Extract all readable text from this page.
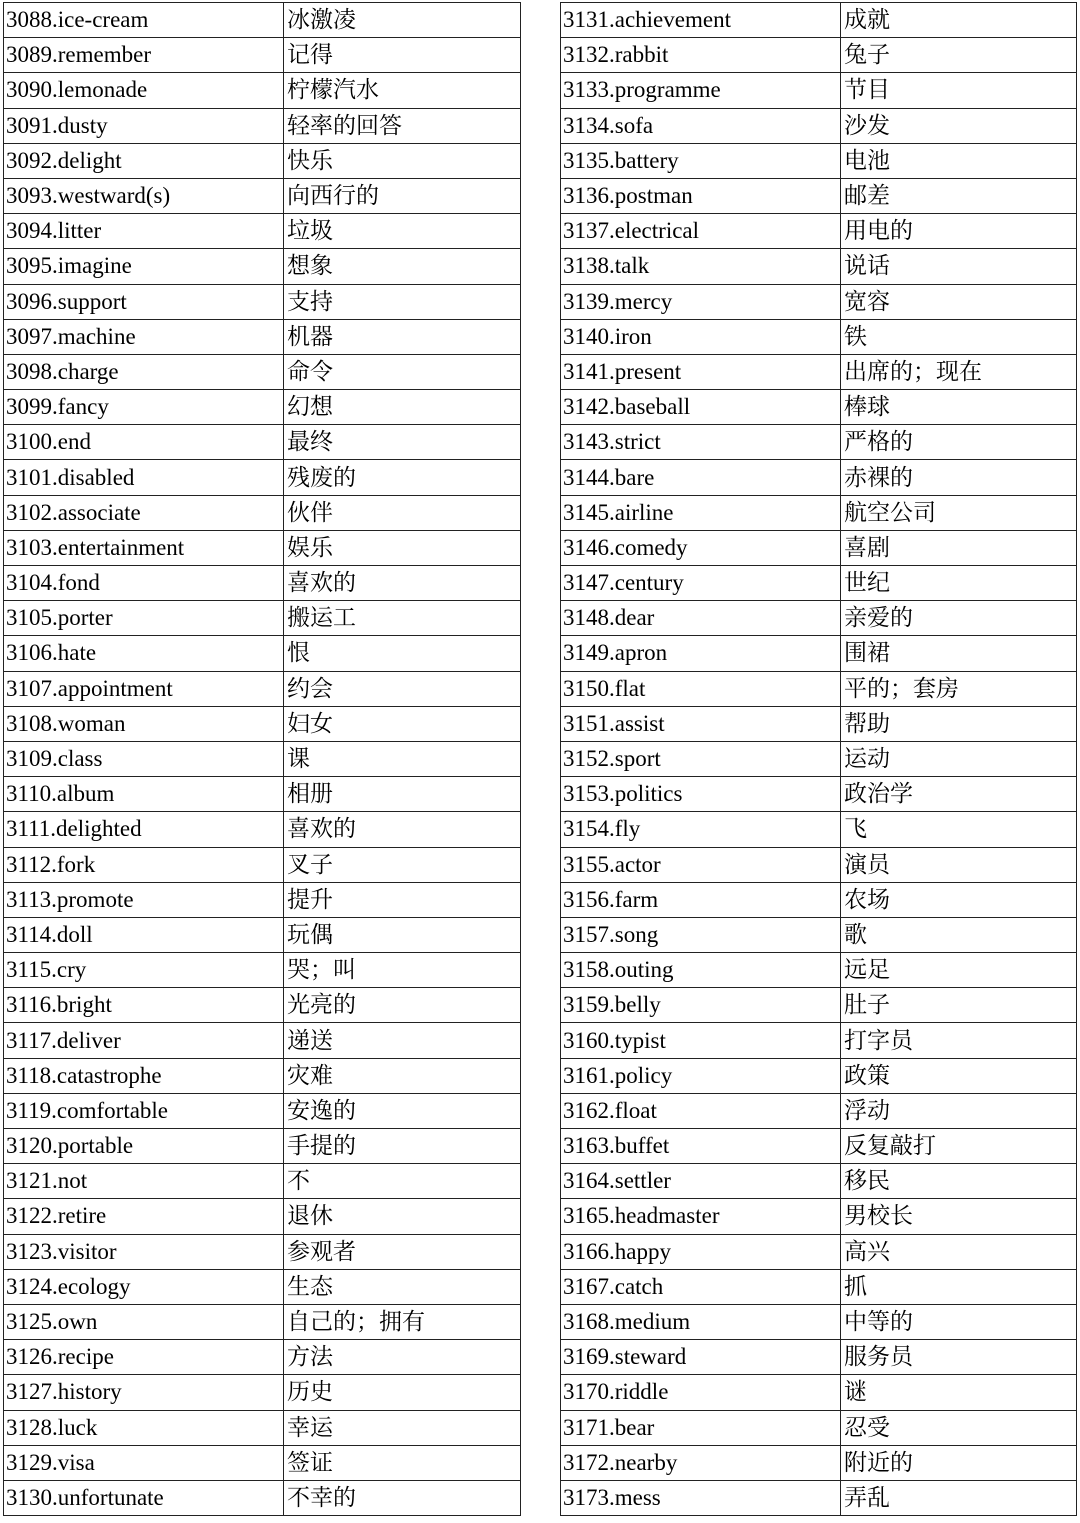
3088.ice-cream	冰激凌
3089.remember	记得
3090.lemonade	柠檬汽水
3091.dusty	轻率的回答
3092.delight	快乐
3093.westward(s)	向西行的
3094.litter	垃圾
3095.imagine	想象
3096.support	支持
3097.machine	机器
3098.charge	命令
3099.fancy	幻想
3100.end	最终
3101.disabled	残废的
3102.associate	伙伴
3103.entertainment	娱乐
3104.fond	喜欢的
3105.porter	搬运工
3106.hate	恨
3107.appointment	约会
3108.woman	妇女
3109.class	课
3110.album	相册
3111.delighted	喜欢的
3112.fork	叉子
3113.promote	提升
3114.doll	玩偶
3115.cry	哭；叫
3116.bright	光亮的
3117.deliver	递送
3118.catastrophe	灾难
3119.comfortable	安逸的
3120.portable	手提的
3121.not	不
3122.retire	退休
3123.visitor	参观者
3124.ecology	生态
3125.own	自己的；拥有
3126.recipe	方法
3127.history	历史
3128.luck	幸运
3129.visa	签证
3130.unfortunate	不幸的
3131.achievement	成就
3132.rabbit	兔子
3133.programme	节目
3134.sofa	沙发
3135.battery	电池
3136.postman	邮差
3137.electrical	用电的
3138.talk	说话
3139.mercy	宽容
3140.iron	铁
3141.present	出席的；现在
3142.baseball	棒球
3143.strict	严格的
3144.bare	赤裸的
3145.airline	航空公司
3146.comedy	喜剧
3147.century	世纪
3148.dear	亲爱的
3149.apron	围裙
3150.flat	平的；套房
3151.assist	帮助
3152.sport	运动
3153.politics	政治学
3154.fly	飞
3155.actor	演员
3156.farm	农场
3157.song	歌
3158.outing	远足
3159.belly	肚子
3160.typist	打字员
3161.policy	政策
3162.float	浮动
3163.buffet	反复敲打
3164.settler	移民
3165.headmaster	男校长
3166.happy	高兴
3167.catch	抓
3168.medium	中等的
3169.steward	服务员
3170.riddle	谜
3171.bear	忍受
3172.nearby	附近的
3173.mess	弄乱
